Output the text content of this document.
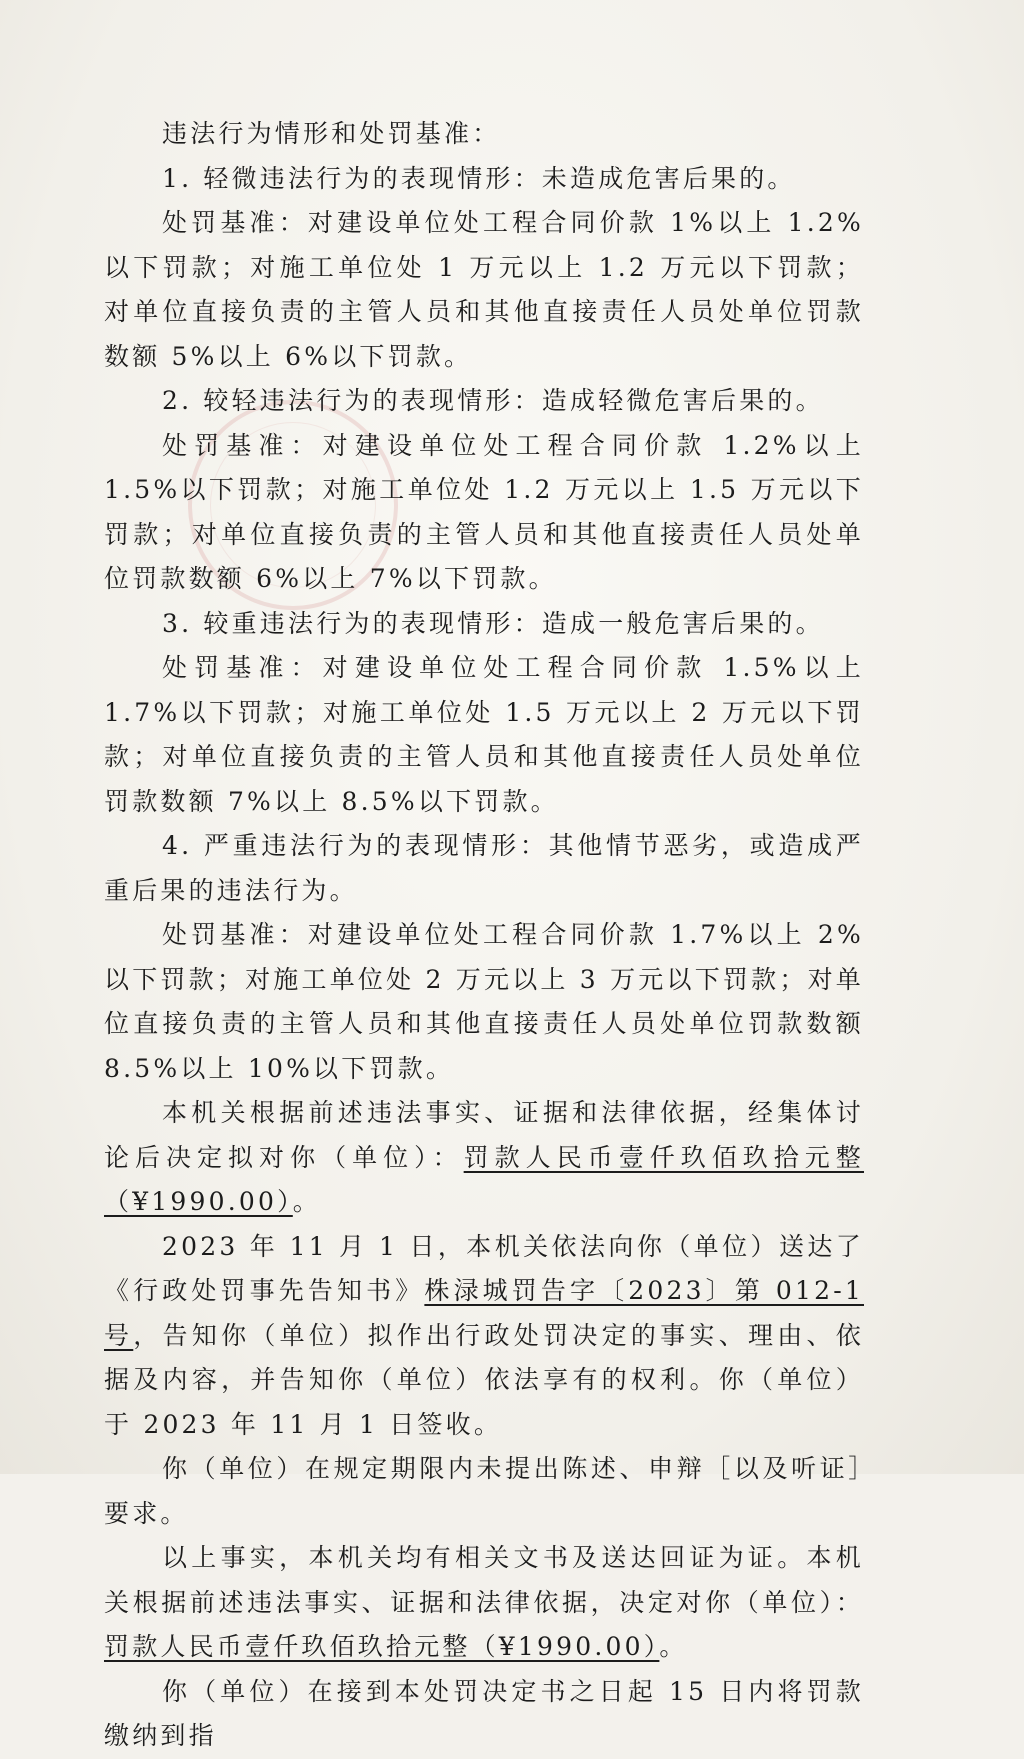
违法行为情形和处罚基准：

1. 轻微违法行为的表现情形：未造成危害后果的。

处罚基准：对建设单位处工程合同价款 1%以上 1.2%以下罚款；对施工单位处 1 万元以上 1.2 万元以下罚款；对单位直接负责的主管人员和其他直接责任人员处单位罚款数额 5%以上 6%以下罚款。

2. 较轻违法行为的表现情形：造成轻微危害后果的。

处罚基准：对建设单位处工程合同价款 1.2%以上 1.5%以下罚款；对施工单位处 1.2 万元以上 1.5 万元以下罚款；对单位直接负责的主管人员和其他直接责任人员处单位罚款数额 6%以上 7%以下罚款。

3. 较重违法行为的表现情形：造成一般危害后果的。

处罚基准：对建设单位处工程合同价款 1.5%以上 1.7%以下罚款；对施工单位处 1.5 万元以上 2 万元以下罚款；对单位直接负责的主管人员和其他直接责任人员处单位罚款数额 7%以上 8.5%以下罚款。

4. 严重违法行为的表现情形：其他情节恶劣，或造成严重后果的违法行为。

处罚基准：对建设单位处工程合同价款 1.7%以上 2%以下罚款；对施工单位处 2 万元以上 3 万元以下罚款；对单位直接负责的主管人员和其他直接责任人员处单位罚款数额 8.5%以上 10%以下罚款。

本机关根据前述违法事实、证据和法律依据，经集体讨论后决定拟对你（单位）：罚款人民币壹仟玖佰玖拾元整（¥1990.00）。

2023 年 11 月 1 日，本机关依法向你（单位）送达了《行政处罚事先告知书》株渌城罚告字〔2023〕第 012-1 号，告知你（单位）拟作出行政处罚决定的事实、理由、依据及内容，并告知你（单位）依法享有的权利。你（单位）于 2023 年 11 月 1 日签收。

你（单位）在规定期限内未提出陈述、申辩［以及听证］要求。

以上事实，本机关均有相关文书及送达回证为证。本机关根据前述违法事实、证据和法律依据，决定对你（单位）：罚款人民币壹仟玖佰玖拾元整（¥1990.00）。

你（单位）在接到本处罚决定书之日起 15 日内将罚款缴纳到指
